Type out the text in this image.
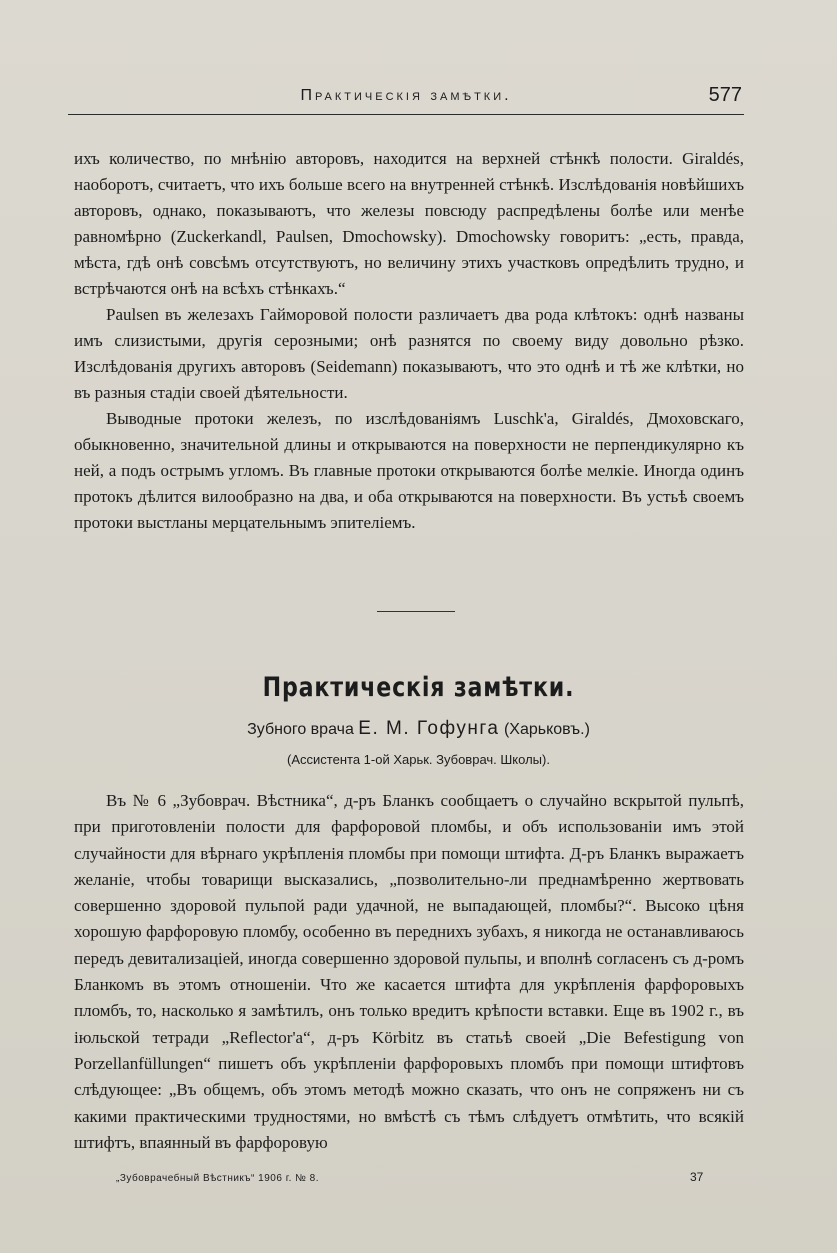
Практическія замѣтки.	577

ихъ количество, по мнѣнію авторовъ, находится на верхней стѣнкѣ полости. Giraldés, наоборотъ, считаетъ, что ихъ больше всего на внутренней стѣнкѣ. Изслѣдованія новѣйшихъ авторовъ, однако, показываютъ, что железы повсюду распредѣлены болѣе или менѣе равномѣрно (Zuckerkandl, Paulsen, Dmochowsky). Dmochowsky говоритъ: „есть, правда, мѣста, гдѣ онѣ совсѣмъ отсутствуютъ, но величину этихъ участковъ опредѣлить трудно, и встрѣчаются онѣ на всѣхъ стѣнкахъ.“

Paulsen въ железахъ Гайморовой полости различаетъ два рода клѣтокъ: однѣ названы имъ слизистыми, другія серозными; онѣ разнятся по своему виду довольно рѣзко. Изслѣдованія другихъ авторовъ (Seidemann) показываютъ, что это однѣ и тѣ же клѣтки, но въ разныя стадіи своей дѣятельности.

Выводные протоки железъ, по изслѣдованіямъ Luschk'a, Giraldés, Дмоховскаго, обыкновенно, значительной длины и открываются на поверхности не перпендикулярно къ ней, а подъ острымъ угломъ. Въ главные протоки открываются болѣе мелкіе. Иногда одинъ протокъ дѣлится вилообразно на два, и оба открываются на поверхности. Въ устьѣ своемъ протоки выстланы мерцательнымъ эпителіемъ.

Практическія замѣтки.
Зубного врача Е. М. Гофунга (Харьковъ.)
(Ассистента 1-ой Харьк. Зубоврач. Школы).

Въ № 6 „Зубоврач. Вѣстника“, д-ръ Бланкъ сообщаетъ о случайно вскрытой пульпѣ, при приготовленіи полости для фарфоровой пломбы, и объ использованіи имъ этой случайности для вѣрнаго укрѣпленія пломбы при помощи штифта. Д-ръ Бланкъ выражаетъ желаніе, чтобы товарищи высказались, „позволительно-ли преднамѣренно жертвовать совершенно здоровой пульпой ради удачной, не выпадающей, пломбы?“. Высоко цѣня хорошую фарфоровую пломбу, особенно въ переднихъ зубахъ, я никогда не останавливаюсь передъ девитализацiей, иногда совершенно здоровой пульпы, и вполнѣ согласенъ съ д-ромъ Бланкомъ въ этомъ отношеніи. Что же касается штифта для укрѣпленія фарфоровыхъ пломбъ, то, насколько я замѣтилъ, онъ только вредитъ крѣпости вставки. Еще въ 1902 г., въ іюльской тетради „Reflector'a“, д-ръ Körbitz въ статьѣ своей „Die Befestigung von Porzellanfüllungen“ пишетъ объ укрѣпленіи фарфоровыхъ пломбъ при помощи штифтовъ слѣдующее: „Въ общемъ, объ этомъ методѣ можно сказать, что онъ не сопряженъ ни съ какими практическими трудностями, но вмѣстѣ съ тѣмъ слѣдуетъ отмѣтить, что всякій штифтъ, впаянный въ фарфоровую

„Зубоврачебный Вѣстникъ“ 1906 г. № 8.	37
